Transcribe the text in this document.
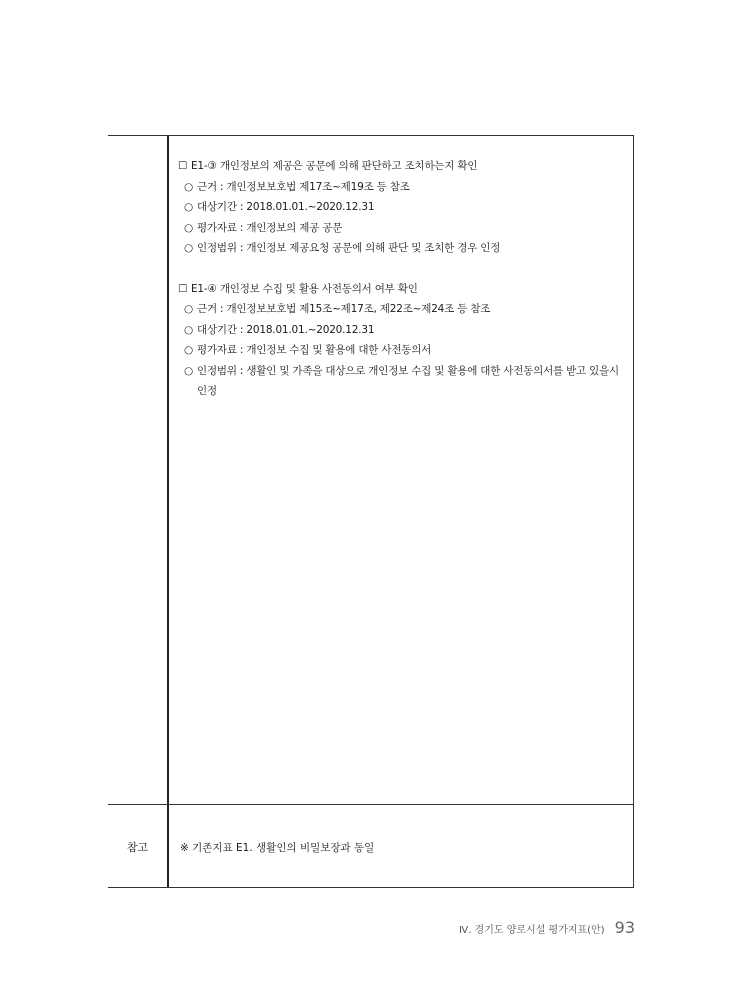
☐ E1-③ 개인정보의 제공은 공문에 의해 판단하고 조치하는지 확인
○ 근거 : 개인정보보호법 제17조~제19조 등 참조
○ 대상기간 : 2018.01.01.~2020.12.31
○ 평가자료 : 개인정보의 제공 공문
○ 인정범위 : 개인정보 제공요청 공문에 의해 판단 및 조치한 경우 인정
☐ E1-④ 개인정보 수집 및 활용 사전동의서 여부 확인
○ 근거 : 개인정보보호법 제15조~제17조, 제22조~제24조 등 참조
○ 대상기간 : 2018.01.01.~2020.12.31
○ 평가자료 : 개인정보 수집 및 활용에 대한 사전동의서
○ 인정범위 : 생활인 및 가족을 대상으로 개인정보 수집 및 활용에 대한 사전동의서를 받고 있을시 인정
참고	※ 기존지표 E1. 생활인의 비밀보장과 동일
Ⅳ. 경기도 양로시설 평가지표(안) 93
